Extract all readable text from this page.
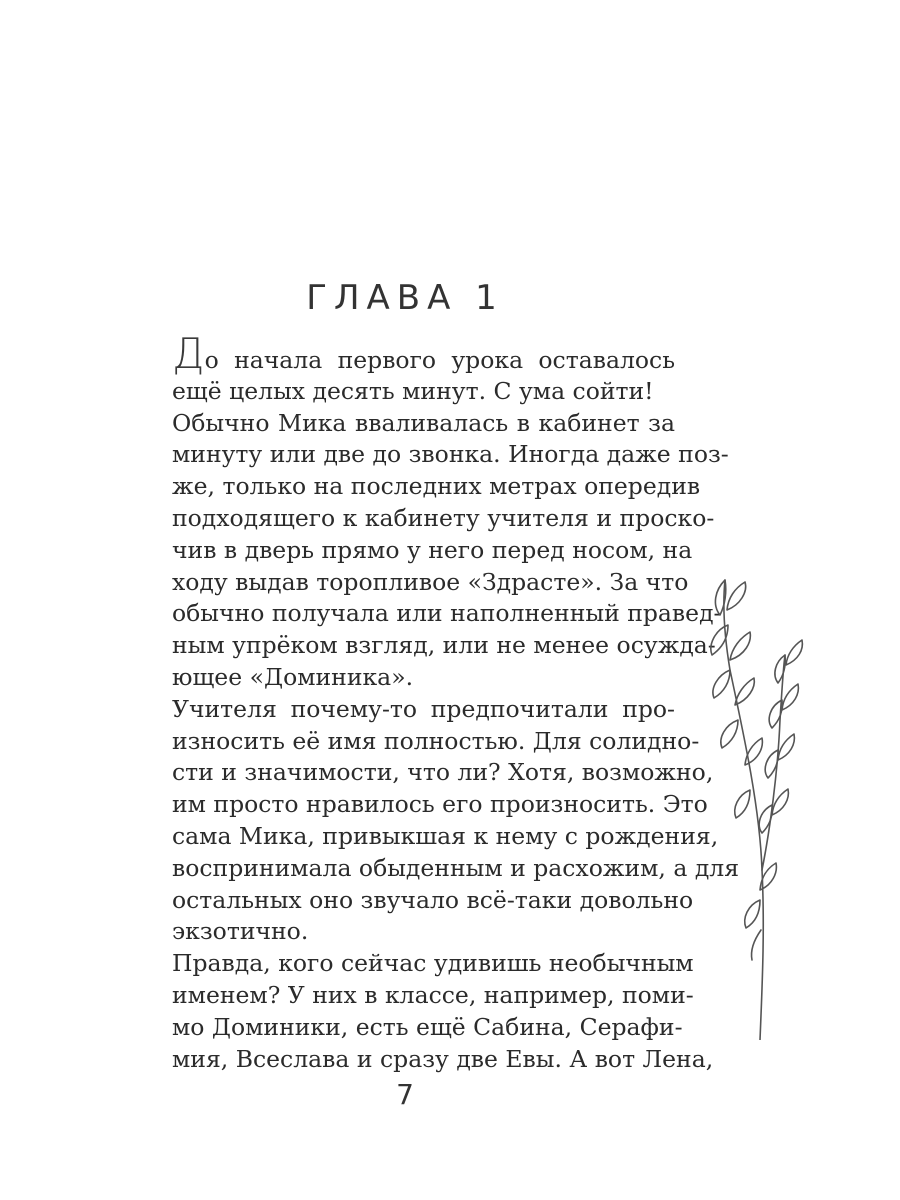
ГЛАВА 1
До начала первого урока оставалось
ещё целых десять минут. С ума сойти!
Обычно Мика вваливалась в кабинет за
минуту или две до звонка. Иногда даже поз-
же, только на последних метрах опередив
подходящего к кабинету учителя и проско-
чив в дверь прямо у него перед носом, на
ходу выдав торопливое «Здрасте». За что
обычно получала или наполненный правед-
ным упрёком взгляд, или не менее осужда-
ющее «Доминика».
Учителя почему-то предпочитали про-
износить её имя полностью. Для солидно-
сти и значимости, что ли? Хотя, возможно,
им просто нравилось его произносить. Это
сама Мика, привыкшая к нему с рождения,
воспринимала обыденным и расхожим, а для
остальных оно звучало всё-таки довольно
экзотично.
Правда, кого сейчас удивишь необычным
именем? У них в классе, например, поми-
мо Доминики, есть ещё Сабина, Серафи-
мия, Всеслава и сразу две Евы. А вот Лена,
7
